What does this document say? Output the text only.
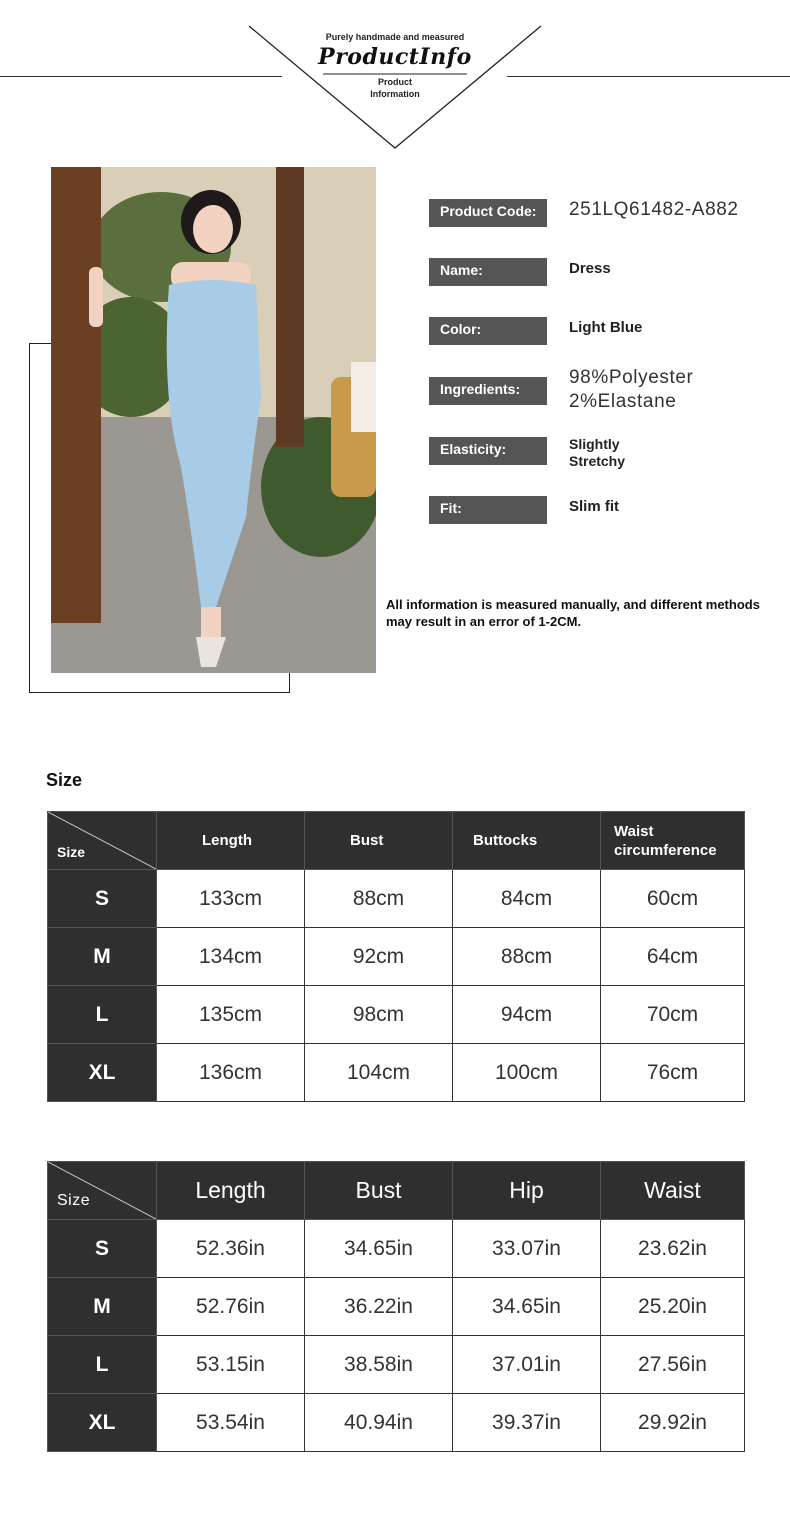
Purely handmade and measured
ProductInfo
Product
Information
Product Code:	251LQ61482-A882
Name:	Dress
Color:	Light Blue
Ingredients:
98%Polyester
2%Elastane
Elasticity:	Slightly
Stretchy
Fit:	Slim fit
All information is measured manually, and different methods may result in an error of 1-2CM.
Size
Size	Length	Bust	Buttocks	Waist circumference
S	133cm	88cm	84cm	60cm
M	134cm	92cm	88cm	64cm
L	135cm	98cm	94cm	70cm
XL	136cm	104cm	100cm	76cm
Size	Length	Bust	Hip	Waist
S	52.36in	34.65in	33.07in	23.62in
M	52.76in	36.22in	34.65in	25.20in
L	53.15in	38.58in	37.01in	27.56in
XL	53.54in	40.94in	39.37in	29.92in
